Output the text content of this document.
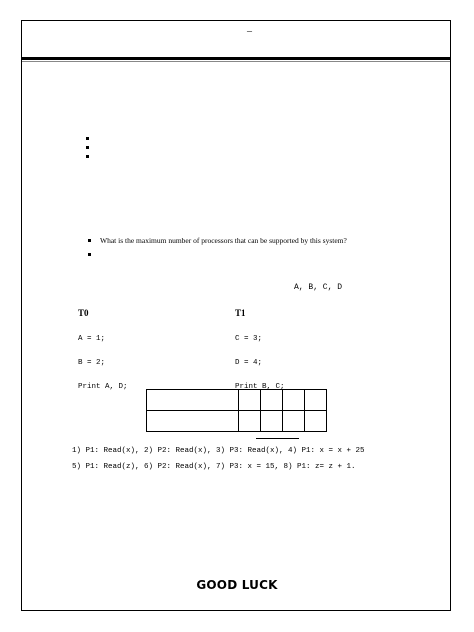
–
What is the maximum number of processors that can be supported by this system?
A, B, C, D

T0

A = 1;

B = 2;

Print A, D;

T1

C = 3;

D = 4;

Print B, C;

1) P1: Read(x), 2) P2: Read(x), 3) P3: Read(x), 4) P1: x = x + 25
5) P1: Read(z), 6) P2: Read(x), 7) P3: x = 15, 8) P1: z= z + 1.
GOOD LUCK
